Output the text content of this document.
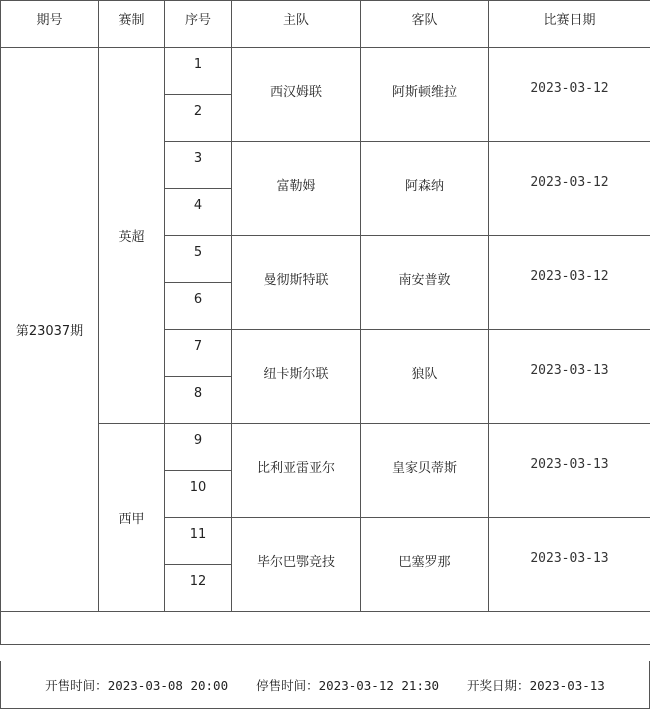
期号	赛制	序号	主队	客队	比赛日期
第23037期	英超	1	西汉姆联	阿斯顿维拉	2023-03-12
		2			
		3	富勒姆	阿森纳	2023-03-12
		4			
		5	曼彻斯特联	南安普敦	2023-03-12
		6			
		7	纽卡斯尔联	狼队	2023-03-13
		8			
	西甲	9	比利亚雷亚尔	皇家贝蒂斯	2023-03-13
		10			
		11	毕尔巴鄂竞技	巴塞罗那	2023-03-13
		12			

开售时间：2023-03-08 20:00 停售时间：2023-03-12 21:30 开奖日期：2023-03-13
